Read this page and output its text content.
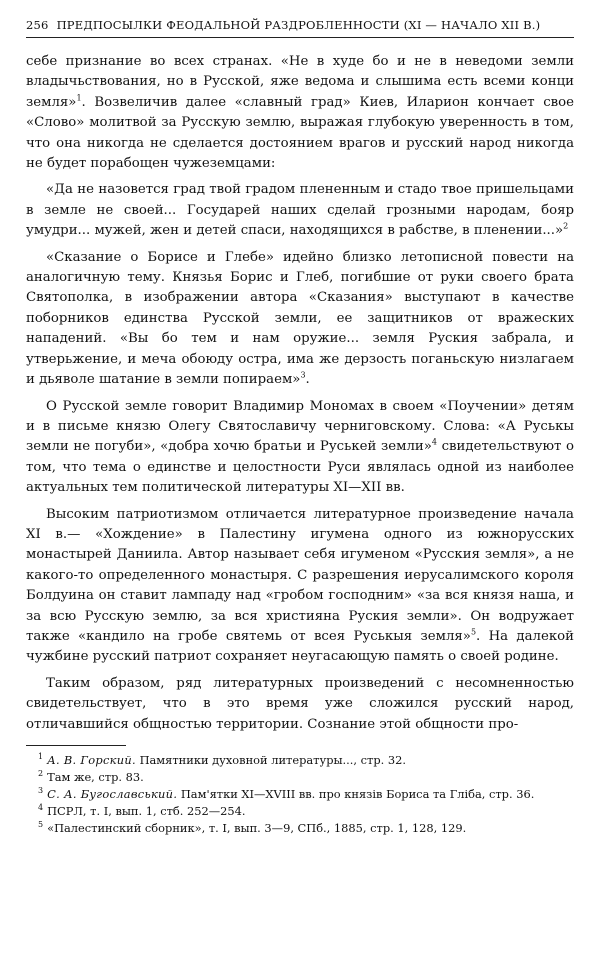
256 ПРЕДПОСЫЛКИ ФЕОДАЛЬНОЙ РАЗДРОБЛЕННОСТИ (XI — НАЧАЛО XII В.)

себе признание во всех странах. «Не в худе бо и не в неведоми земли владычьствования, но в Русской, яже ведома и слышима есть всеми конци земля»$^1$. Возвеличив далее «славный град» Киев, Иларион кончает свое «Слово» молитвой за Русскую землю, выражая глубокую уверенность в том, что она никогда не сделается достоянием врагов и русский народ никогда не будет порабощен чужеземцами:

«Да не назовется град твой градом плененным и стадо твое пришельцами в земле не своей... Государей наших сделай грозными народам, бояр умудри... мужей, жен и детей спаси, находящихся в рабстве, в пленении...»$^2$

«Сказание о Борисе и Глебе» идейно близко летописной повести на аналогичную тему. Князья Борис и Глеб, погибшие от руки своего брата Святополка, в изображении автора «Сказания» выступают в качестве поборников единства Русской земли, ее защитников от вражеских нападений. «Вы бо тем и нам оружие... земля Руския забрала, и утверьжение, и меча обоюду остра, има же дерзость поганьскую низлагаем и дьяволе шатание в земли попираем»$^3$.

О Русской земле говорит Владимир Мономах в своем «Поучении» детям и в письме князю Олегу Святославичу черниговскому. Слова: «А Руськы земли не погуби», «добра хочю братьи и Руськей земли»$^4$ свидетельствуют о том, что тема о единстве и целостности Руси являлась одной из наиболее актуальных тем политической литературы XI—XII вв.

Высоким патриотизмом отличается литературное произведение начала XI в.— «Хождение» в Палестину игумена одного из южнорусских монастырей Даниила. Автор называет себя игуменом «Русския земля», а не какого-то определенного монастыря. С разрешения иерусалимского короля Болдуина он ставит лампаду над «гробом господним» «за вся князя наша, и за всю Русскую землю, за вся християна Руския земли». Он водружает также «кандило на гробе святемь от всея Руськыя земля»$^5$. На далекой чужбине русский патриот сохраняет неугасающую память о своей родине.

Таким образом, ряд литературных произведений с несомненностью свидетельствует, что в это время уже сложился русский народ, отличавшийся общностью территории. Сознание этой общности про-

$^1$ А. В. Горский. Памятники духовной литературы..., стр. 32.
$^2$ Там же, стр. 83.
$^3$ С. А. Бугославський. Пам'ятки XI—XVIII вв. про князів Бориса та Гліба, стр. 36.
$^4$ ПСРЛ, т. I, вып. 1, стб. 252—254.
$^5$ «Палестинский сборник», т. I, вып. 3—9, СПб., 1885, стр. 1, 128, 129.
